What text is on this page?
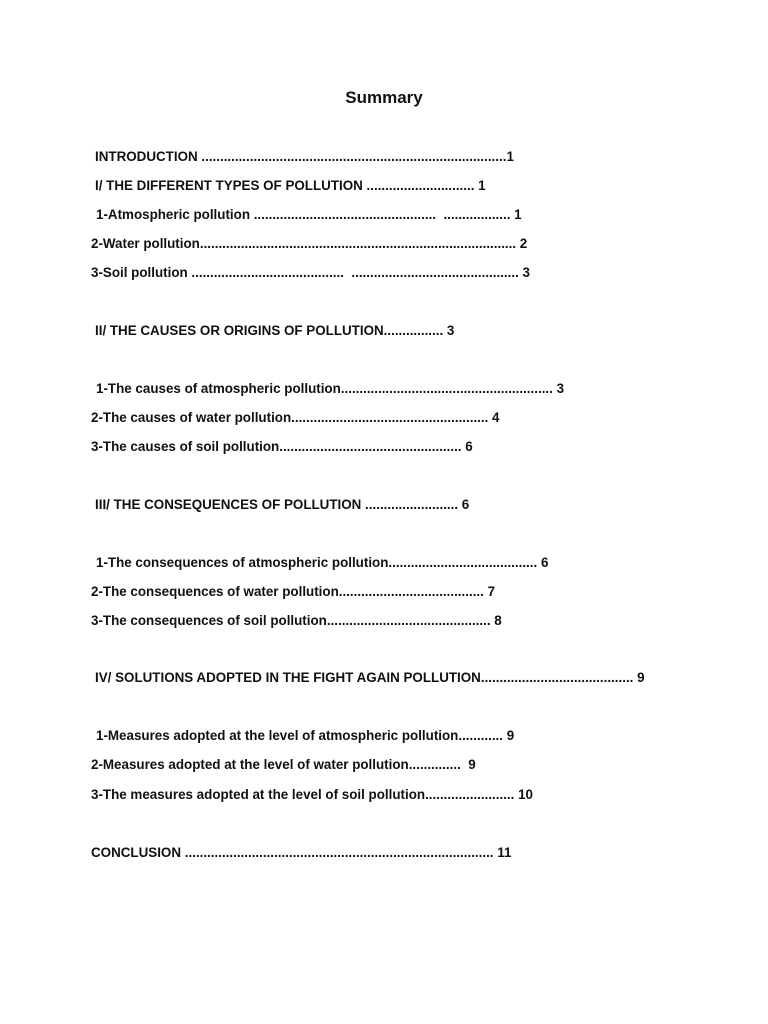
Summary
INTRODUCTION ..................................................................................1
I/ THE DIFFERENT TYPES OF POLLUTION ............................. 1
1-Atmospheric pollution .................................................  .................. 1
2-Water pollution..................................................................................... 2
3-Soil pollution .........................................  ............................................. 3
II/ THE CAUSES OR ORIGINS OF POLLUTION................ 3
1-The causes of atmospheric pollution......................................................... 3
2-The causes of water pollution..................................................... 4
3-The causes of soil pollution................................................. 6
III/ THE CONSEQUENCES OF POLLUTION ......................... 6
1-The consequences of atmospheric pollution........................................ 6
2-The consequences of water pollution....................................... 7
3-The consequences of soil pollution............................................ 8
IV/ SOLUTIONS ADOPTED IN THE FIGHT AGAIN POLLUTION......................................... 9
1-Measures adopted at the level of atmospheric pollution............ 9
2-Measures adopted at the level of water pollution..............  9
3-The measures adopted at the level of soil pollution........................ 10
CONCLUSION ................................................................................... 11
